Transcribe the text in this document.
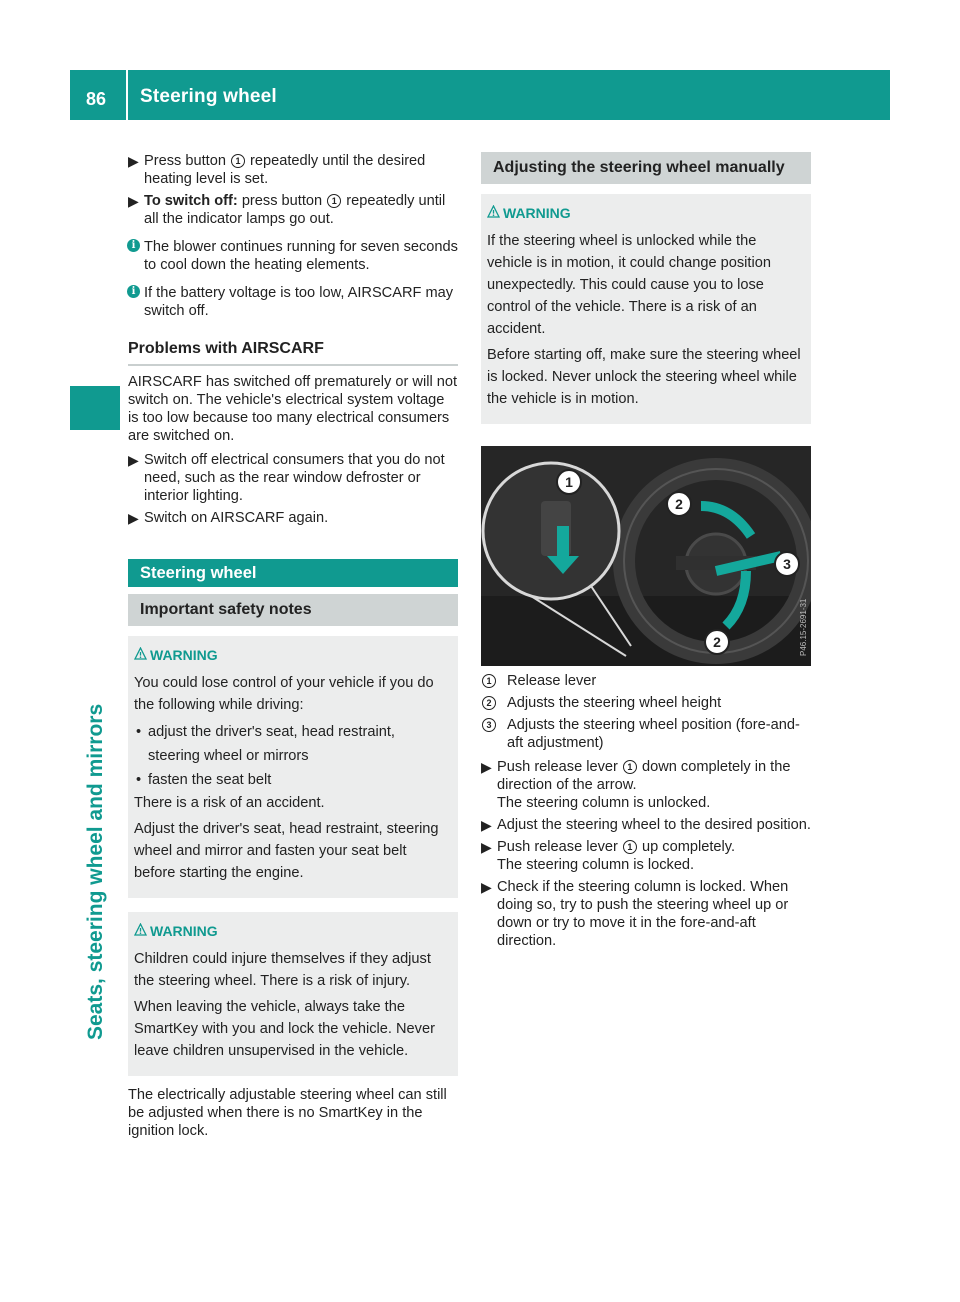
86 Steering wheel
Seats, steering wheel and mirrors
▶ Press button 1 repeatedly until the desired heating level is set.
▶ To switch off: press button 1 repeatedly until all the indicator lamps go out.
i The blower continues running for seven seconds to cool down the heating elements.
i If the battery voltage is too low, AIRSCARF may switch off.
Problems with AIRSCARF
AIRSCARF has switched off prematurely or will not switch on. The vehicle's electrical system voltage is too low because too many electrical consumers are switched on.
▶ Switch off electrical consumers that you do not need, such as the rear window defroster or interior lighting.
▶ Switch on AIRSCARF again.
Steering wheel
Important safety notes
WARNING
You could lose control of your vehicle if you do the following while driving:
• adjust the driver's seat, head restraint, steering wheel or mirrors
• fasten the seat belt
There is a risk of an accident.
Adjust the driver's seat, head restraint, steering wheel and mirror and fasten your seat belt before starting the engine.
WARNING
Children could injure themselves if they adjust the steering wheel. There is a risk of injury.
When leaving the vehicle, always take the SmartKey with you and lock the vehicle. Never leave children unsupervised in the vehicle.
The electrically adjustable steering wheel can still be adjusted when there is no SmartKey in the ignition lock.
Adjusting the steering wheel manually
WARNING
If the steering wheel is unlocked while the vehicle is in motion, it could change position unexpectedly. This could cause you to lose control of the vehicle. There is a risk of an accident.
Before starting off, make sure the steering wheel is locked. Never unlock the steering wheel while the vehicle is in motion.
1
2
3
2	P46.15-2691-31
1	Release lever
2	Adjusts the steering wheel height
3	Adjusts the steering wheel position (fore-and-aft adjustment)
▶ Push release lever 1 down completely in the direction of the arrow.
The steering column is unlocked.
▶ Adjust the steering wheel to the desired position.
▶ Push release lever 1 up completely.
The steering column is locked.
▶ Check if the steering column is locked. When doing so, try to push the steering wheel up or down or try to move it in the fore-and-aft direction.
